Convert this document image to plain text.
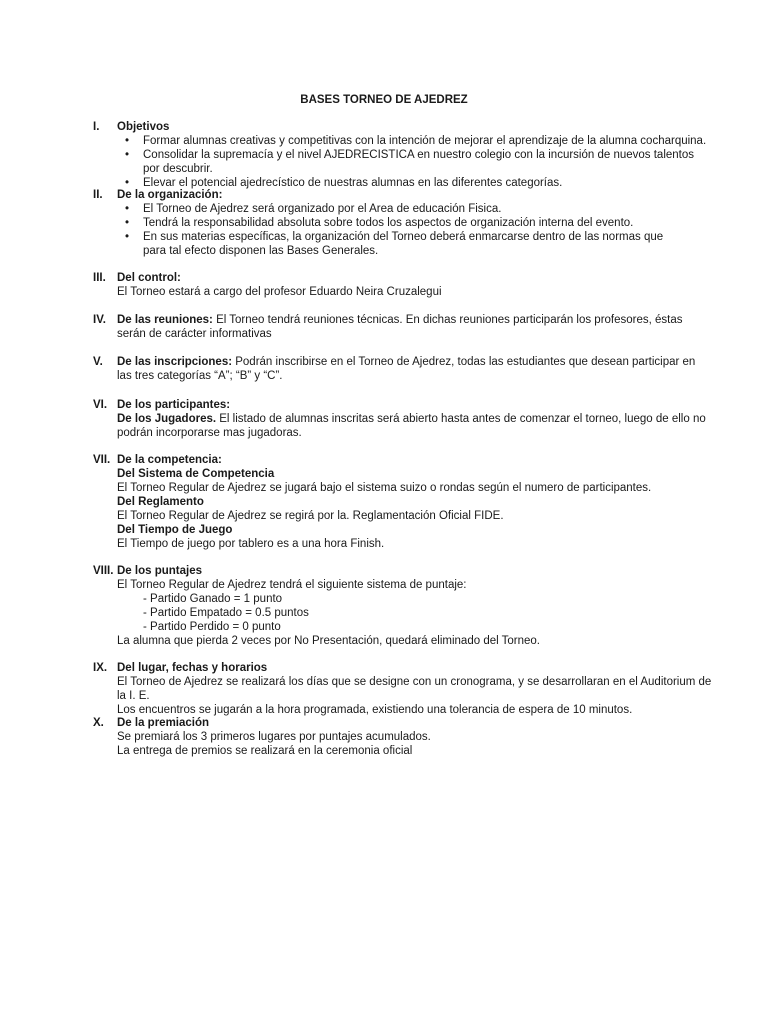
BASES TORNEO DE AJEDREZ
I.	Objetivos
• Formar alumnas creativas y competitivas con la intención de mejorar el aprendizaje de la alumna cocharquina.
• Consolidar la supremacía y el nivel AJEDRECISTICA en nuestro colegio con la incursión de nuevos talentos por descubrir.
• Elevar el potencial ajedrecístico de nuestras alumnas en las diferentes categorías.
II.	De la organización:
• El Torneo de Ajedrez será organizado por el Area de educación Fisica.
• Tendrá la responsabilidad absoluta sobre todos los aspectos de organización interna del evento.
• En sus materias específicas, la organización del Torneo deberá enmarcarse dentro de las normas que para tal efecto disponen las Bases Generales.
III. Del control:

El Torneo estará a cargo del profesor Eduardo Neira Cruzalegui

IV. De las reuniones: El Torneo tendrá reuniones técnicas. En dichas reuniones participarán los profesores, éstas serán de carácter informativas

V.	De las inscripciones: Podrán inscribirse en el Torneo de Ajedrez, todas las estudiantes que desean participar en las tres categorías “A”; “B” y “C”.

VI. De los participantes:

De los Jugadores. El listado de alumnas inscritas será abierto hasta antes de comenzar el torneo, luego de ello no podrán incorporarse mas jugadoras.

VII. De la competencia:
Del Sistema de Competencia

El Torneo Regular de Ajedrez se jugará bajo el sistema suizo o rondas según el numero de participantes.

Del Reglamento

El Torneo Regular de Ajedrez se regirá por la. Reglamentación Oficial FIDE.

Del Tiempo de Juego

El Tiempo de juego por tablero es a una hora Finish.

VIII. De los puntajes

El Torneo Regular de Ajedrez tendrá el siguiente sistema de puntaje:

- Partido Ganado = 1 punto
- Partido Empatado = 0.5 puntos
- Partido Perdido = 0 punto

La alumna que pierda 2 veces por No Presentación, quedará eliminado del Torneo.

IX. Del lugar, fechas y horarios

El Torneo de Ajedrez se realizará los días que se designe con un cronograma, y se desarrollaran en el Auditorium de la I. E.

Los encuentros se jugarán a la hora programada, existiendo una tolerancia de espera de 10 minutos.

X.	De la premiación

Se premiará los 3 primeros lugares por puntajes acumulados.

La entrega de premios se realizará en la ceremonia oficial
